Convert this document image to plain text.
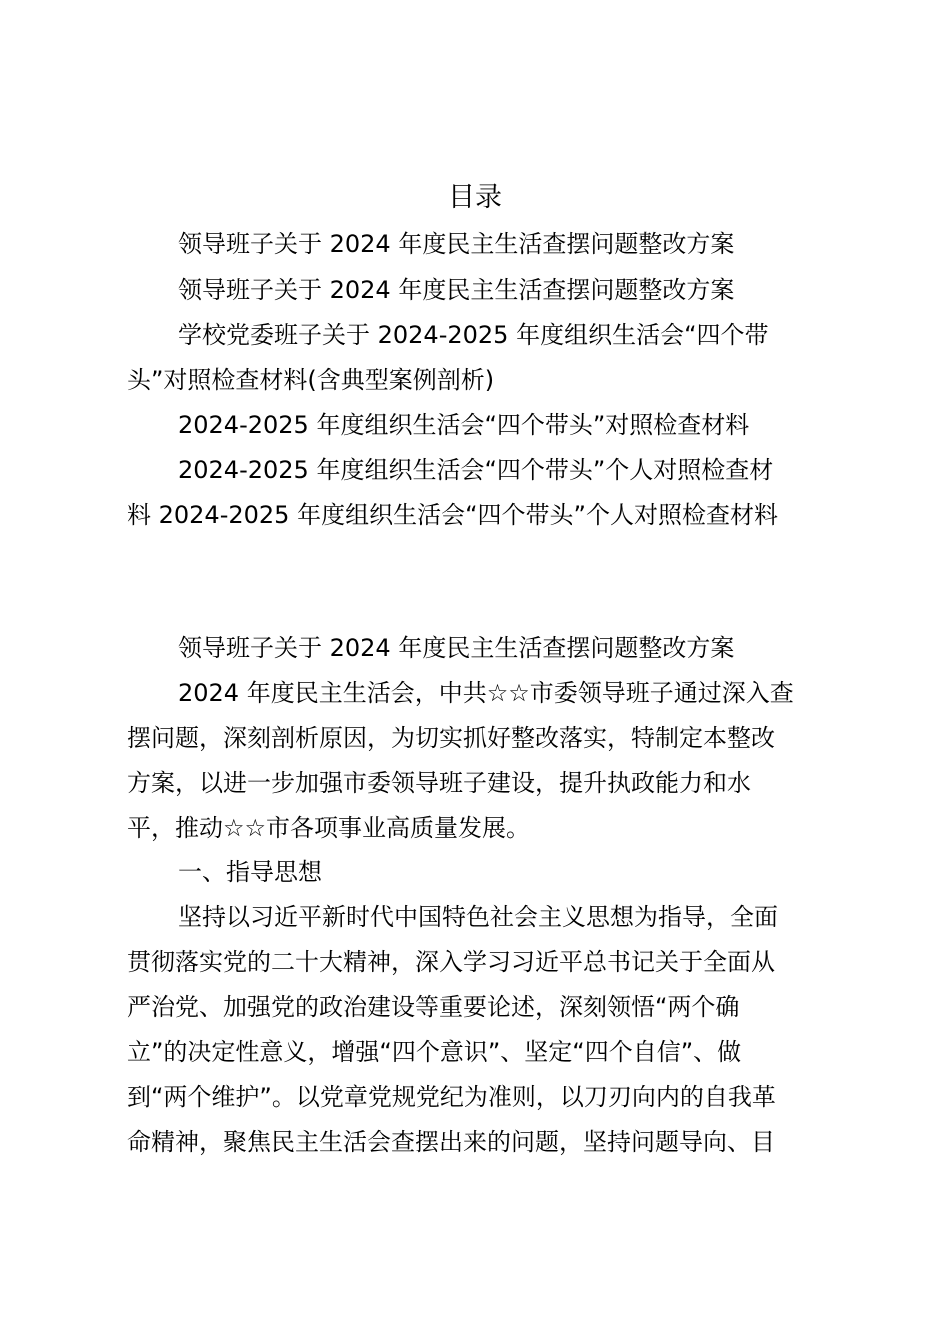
目录
领导班子关于 2024 年度民主生活查摆问题整改方案
领导班子关于 2024 年度民主生活查摆问题整改方案
学校党委班子关于 2024-2025 年度组织生活会“四个带
头”对照检查材料(含典型案例剖析)
2024-2025 年度组织生活会“四个带头”对照检查材料
2024-2025 年度组织生活会“四个带头”个人对照检查材
料 2024-2025 年度组织生活会“四个带头”个人对照检查材料
领导班子关于 2024 年度民主生活查摆问题整改方案
2024 年度民主生活会，中共☆☆市委领导班子通过深入查
摆问题，深刻剖析原因，为切实抓好整改落实，特制定本整改
方案，以进一步加强市委领导班子建设，提升执政能力和水
平，推动☆☆市各项事业高质量发展。
一、指导思想
坚持以习近平新时代中国特色社会主义思想为指导，全面
贯彻落实党的二十大精神，深入学习习近平总书记关于全面从
严治党、加强党的政治建设等重要论述，深刻领悟“两个确
立”的决定性意义，增强“四个意识”、坚定“四个自信”、做
到“两个维护”。以党章党规党纪为准则，以刀刃向内的自我革
命精神，聚焦民主生活会查摆出来的问题，坚持问题导向、目
